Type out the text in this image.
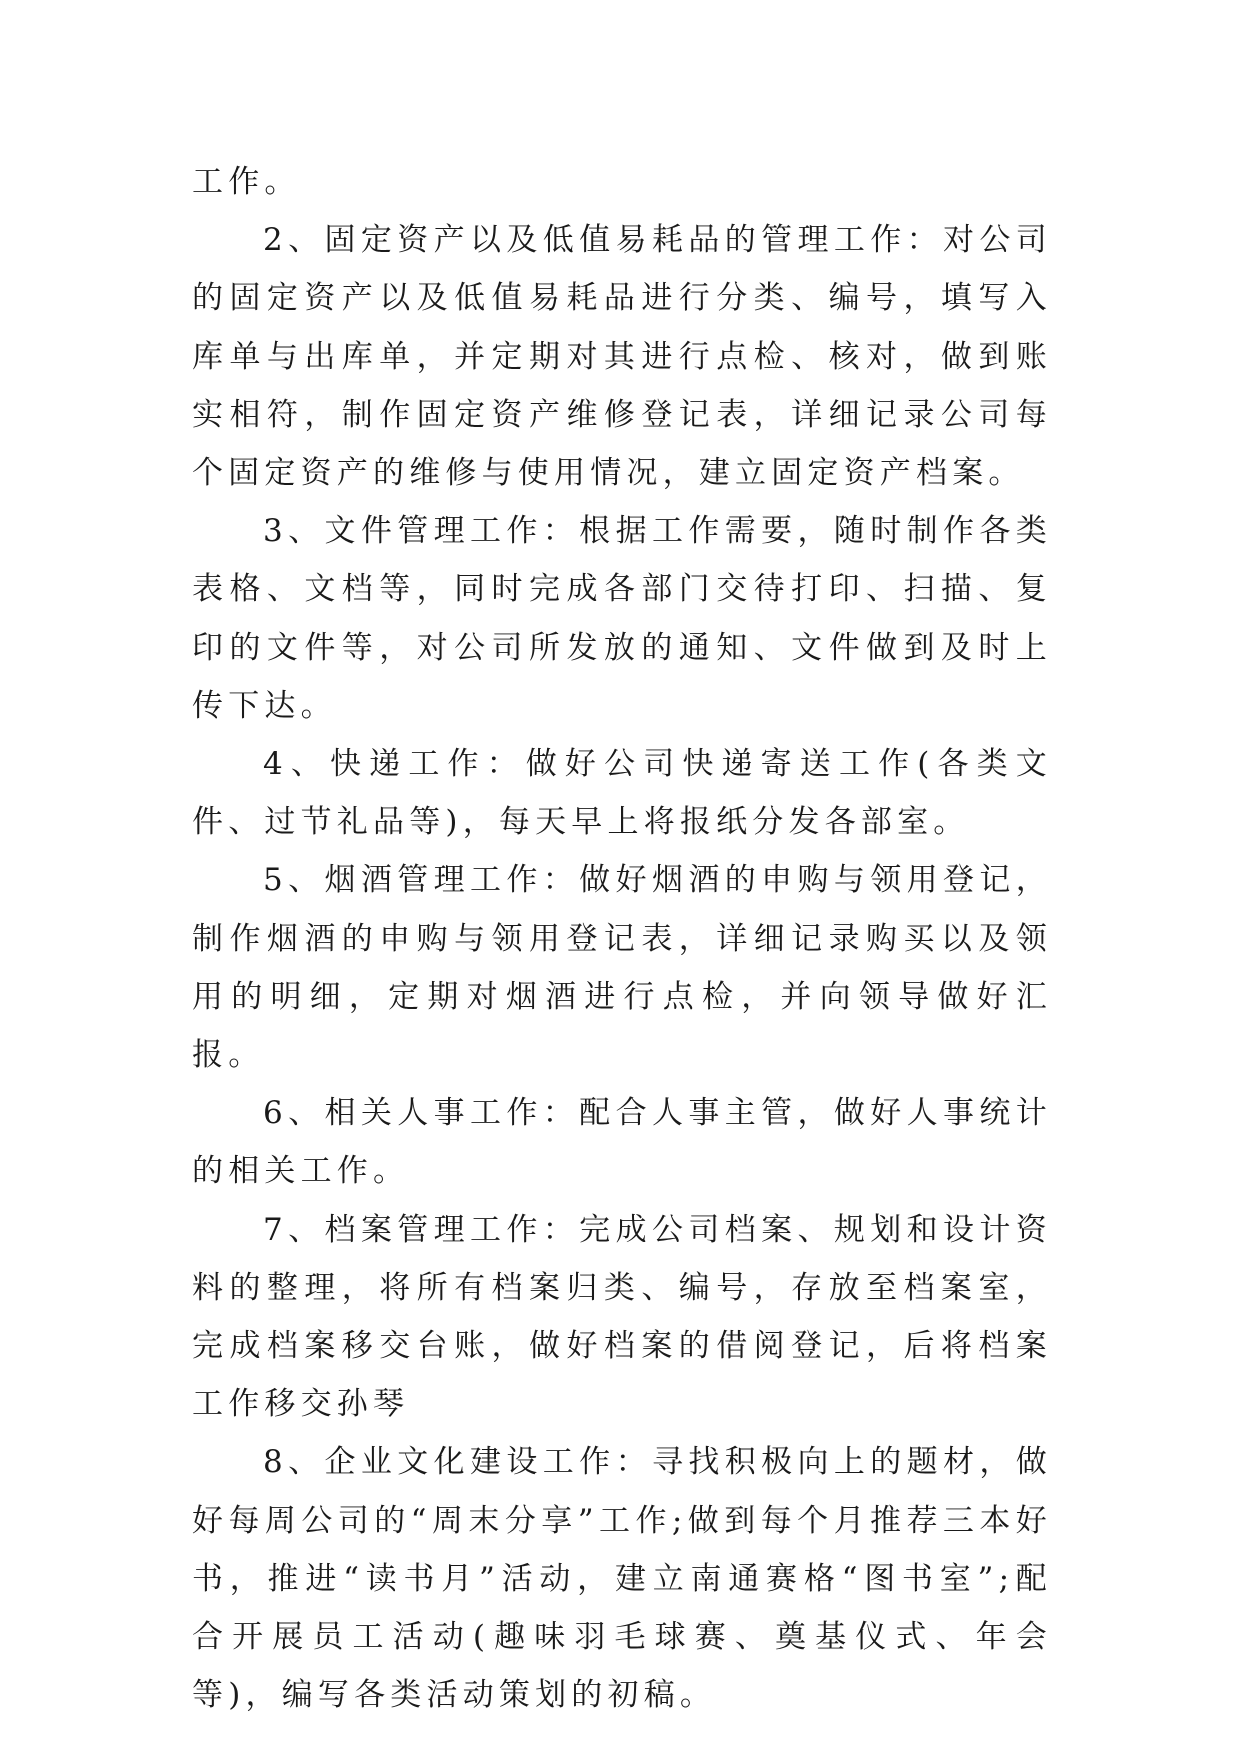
工作。

2、固定资产以及低值易耗品的管理工作：对公司的固定资产以及低值易耗品进行分类、编号，填写入库单与出库单，并定期对其进行点检、核对，做到账实相符，制作固定资产维修登记表，详细记录公司每个固定资产的维修与使用情况，建立固定资产档案。

3、文件管理工作：根据工作需要，随时制作各类表格、文档等，同时完成各部门交待打印、扫描、复印的文件等，对公司所发放的通知、文件做到及时上传下达。

4、快递工作：做好公司快递寄送工作(各类文件、过节礼品等)，每天早上将报纸分发各部室。

5、烟酒管理工作：做好烟酒的申购与领用登记，制作烟酒的申购与领用登记表，详细记录购买以及领用的明细，定期对烟酒进行点检，并向领导做好汇报。

6、相关人事工作：配合人事主管，做好人事统计的相关工作。

7、档案管理工作：完成公司档案、规划和设计资料的整理，将所有档案归类、编号，存放至档案室，完成档案移交台账，做好档案的借阅登记，后将档案工作移交孙琴

8、企业文化建设工作：寻找积极向上的题材，做好每周公司的“周末分享”工作;做到每个月推荐三本好书，推进“读书月”活动，建立南通赛格“图书室”;配合开展员工活动(趣味羽毛球赛、奠基仪式、年会等)，编写各类活动策划的初稿。
